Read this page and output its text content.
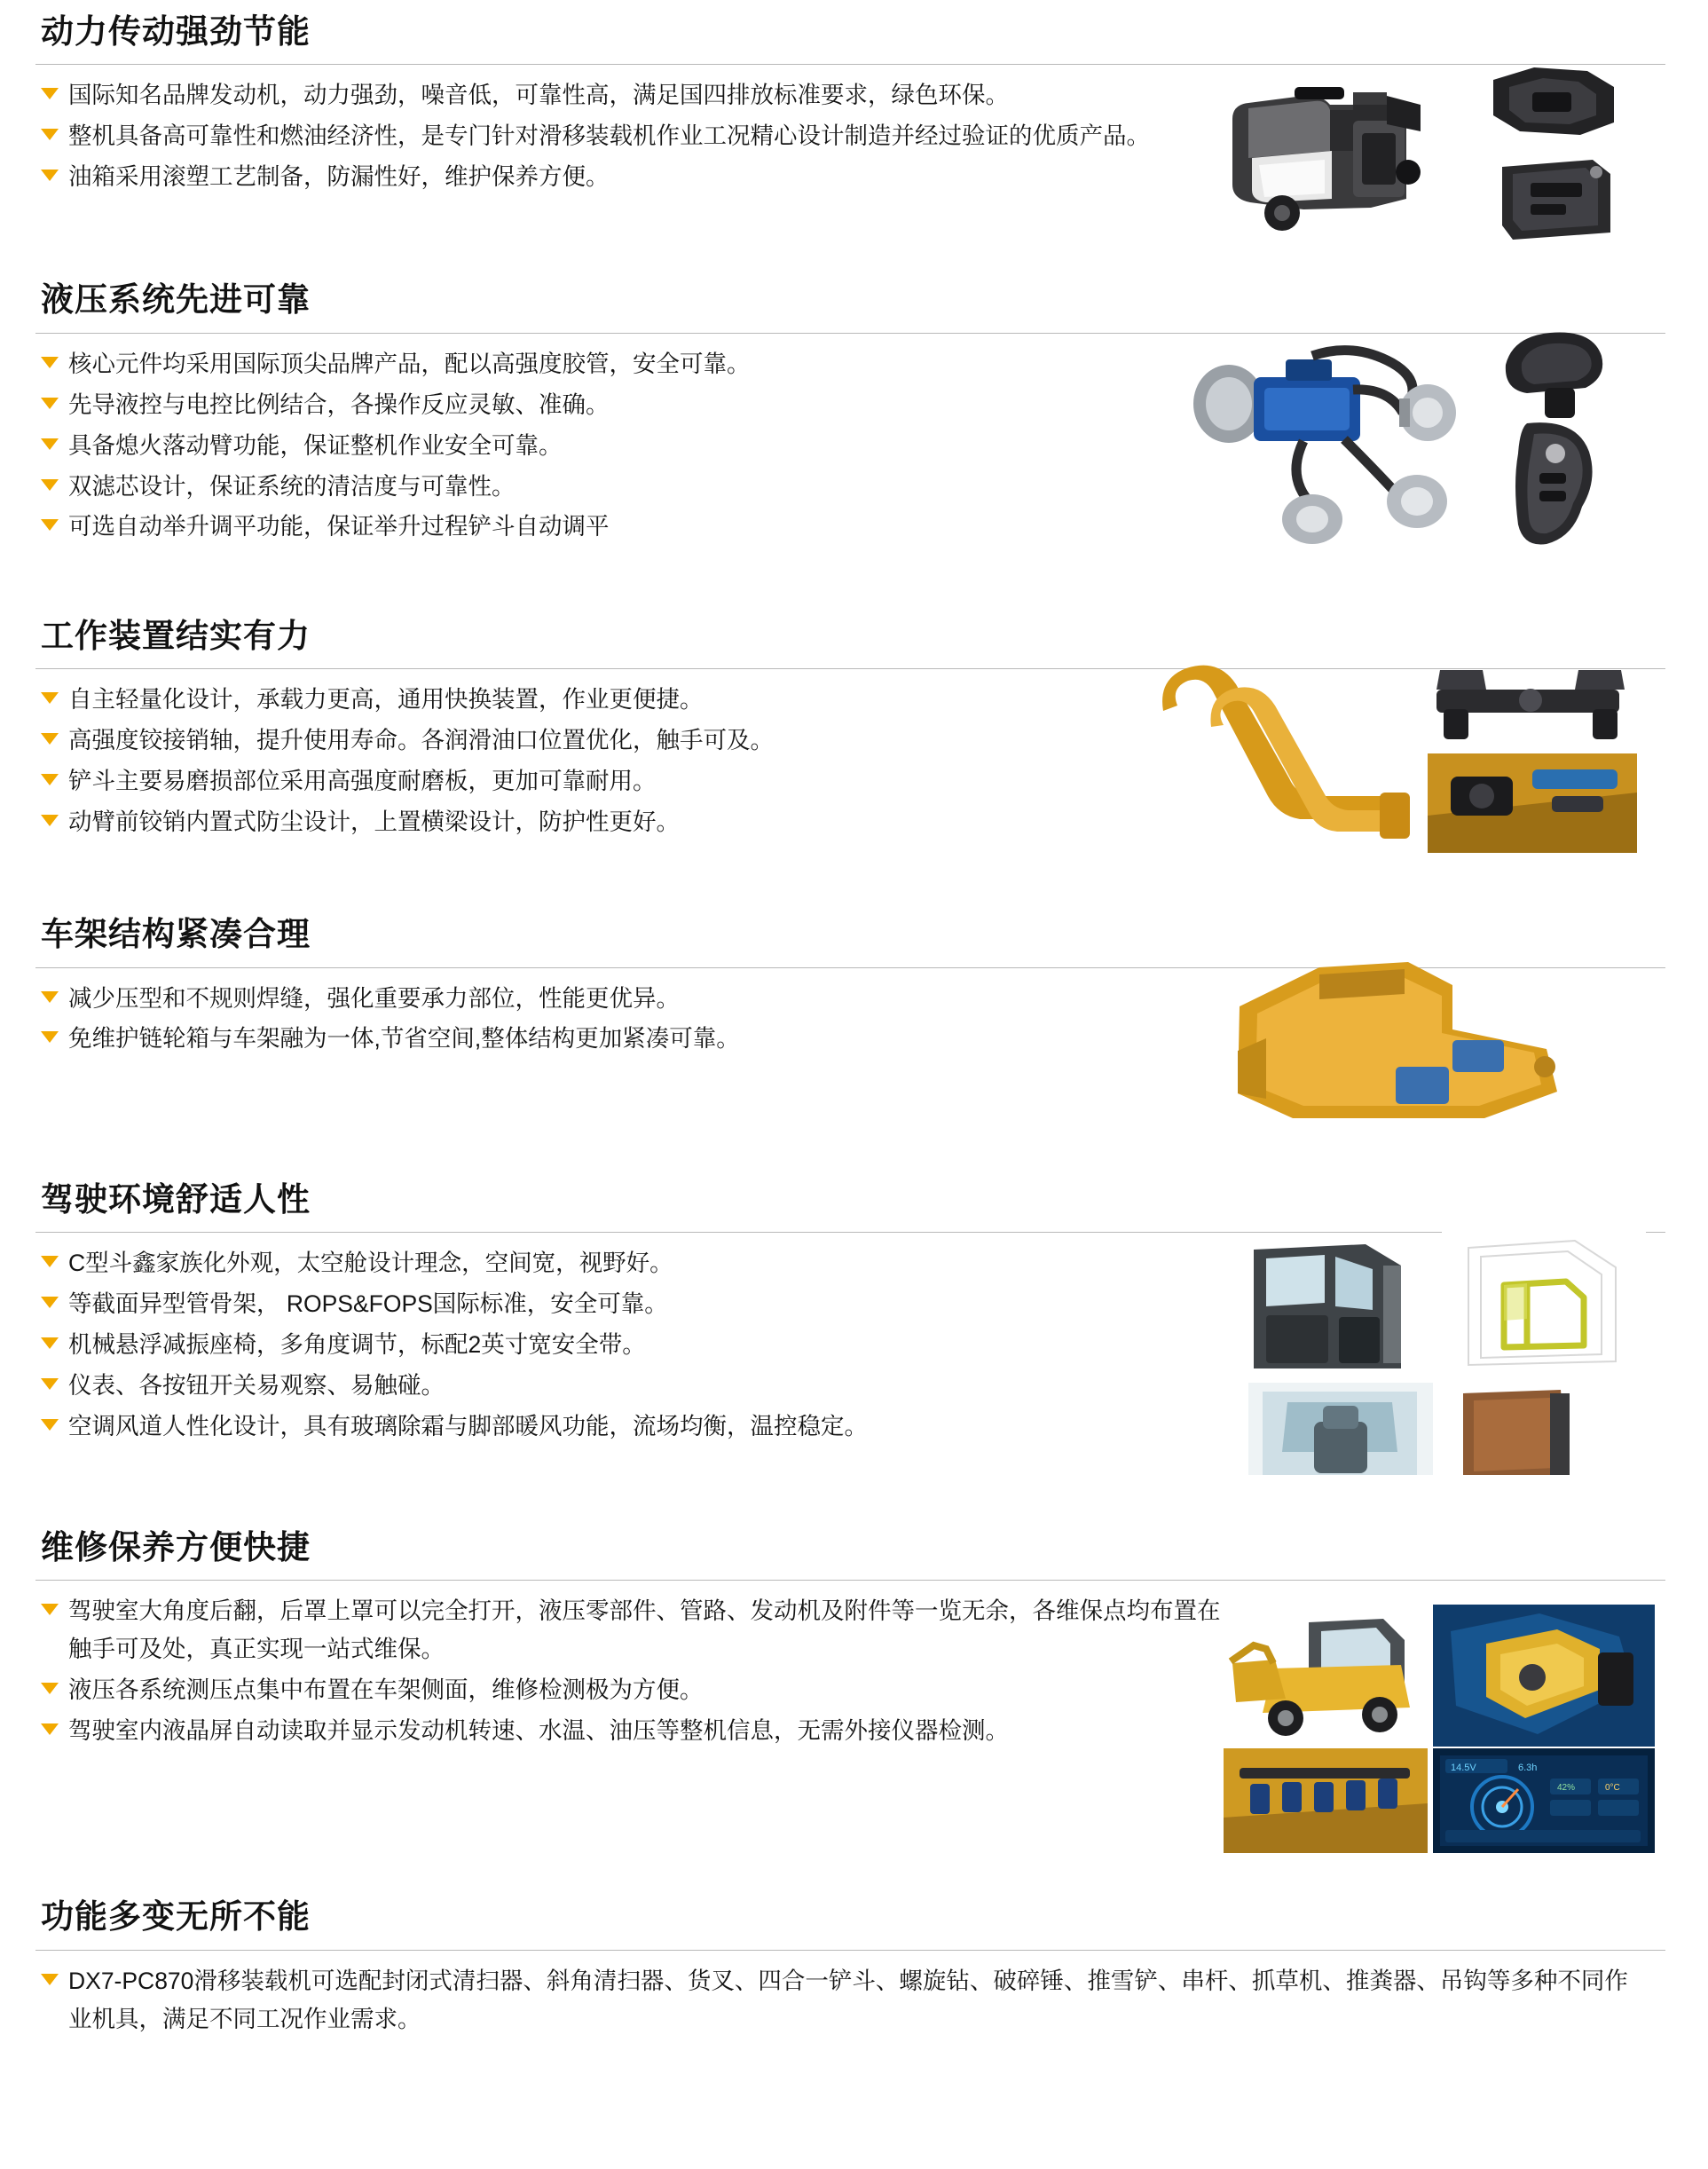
动力传动强劲节能
国际知名品牌发动机，动力强劲，噪音低，可靠性高，满足国四排放标准要求，绿色环保。
整机具备高可靠性和燃油经济性，是专门针对滑移装载机作业工况精心设计制造并经过验证的优质产品。
油箱采用滚塑工艺制备，防漏性好，维护保养方便。
液压系统先进可靠
核心元件均采用国际顶尖品牌产品，配以高强度胶管，安全可靠。
先导液控与电控比例结合，各操作反应灵敏、准确。
具备熄火落动臂功能，保证整机作业安全可靠。
双滤芯设计，保证系统的清洁度与可靠性。
可选自动举升调平功能，保证举升过程铲斗自动调平
工作装置结实有力
自主轻量化设计，承载力更高，通用快换装置，作业更便捷。
高强度铰接销轴，提升使用寿命。各润滑油口位置优化，触手可及。
铲斗主要易磨损部位采用高强度耐磨板，更加可靠耐用。
动臂前铰销内置式防尘设计，上置横梁设计，防护性更好。
车架结构紧凑合理
减少压型和不规则焊缝，强化重要承力部位，性能更优异。
免维护链轮箱与车架融为一体,节省空间,整体结构更加紧凑可靠。
驾驶环境舒适人性
C型斗鑫家族化外观，太空舱设计理念，空间宽，视野好。
等截面异型管骨架， ROPS&FOPS国际标准，安全可靠。
机械悬浮减振座椅，多角度调节，标配2英寸宽安全带。
仪表、各按钮开关易观察、易触碰。
空调风道人性化设计，具有玻璃除霜与脚部暖风功能，流场均衡，温控稳定。
维修保养方便快捷
驾驶室大角度后翻，后罩上罩可以完全打开，液压零部件、管路、发动机及附件等一览无余，各维保点均布置在触手可及处，真正实现一站式维保。
液压各系统测压点集中布置在车架侧面，维修检测极为方便。
驾驶室内液晶屏自动读取并显示发动机转速、水温、油压等整机信息，无需外接仪器检测。
14.5V	6.3h
42%	0°C
功能多变无所不能
DX7-PC870滑移装载机可选配封闭式清扫器、斜角清扫器、货叉、四合一铲斗、螺旋钻、破碎锤、推雪铲、串杆、抓草机、推粪器、吊钩等多种不同作业机具，满足不同工况作业需求。
